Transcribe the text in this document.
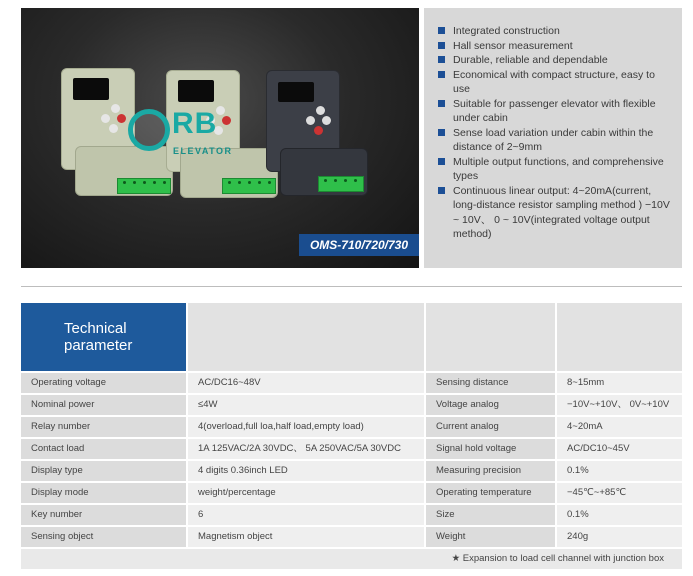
RB
ELEVATOR
OMS-710/720/730
Integrated construction
Hall sensor measurement
Durable, reliable and dependable
Economical with compact structure, easy to use
Suitable for passenger elevator with flexible under cabin
Sense load variation under cabin within the distance of 2~9mm
Multiple output functions, and comprehensive types
Continuous linear output: 4~20mA(current, long-distance resistor sampling method ) −10V ~ 10V、 0 ~ 10V(integrated voltage output method)
Technical
parameter
Operating voltage	AC/DC16~48V	Sensing distance	8~15mm
Nominal power	≤4W	Voltage analog	−10V~+10V、 0V~+10V
Relay number	4(overload,full loa,half load,empty load)	Current analog	4~20mA
Contact load	1A 125VAC/2A 30VDC、 5A 250VAC/5A 30VDC	Signal hold voltage	AC/DC10~45V
Display type	4 digits 0.36inch LED	Measuring precision	0.1%
Display mode	weight/percentage	Operating temperature	−45℃~+85℃
Key number	6	Size	0.1%
Sensing object	Magnetism object	Weight	240g
★ Expansion to load cell channel with junction box
